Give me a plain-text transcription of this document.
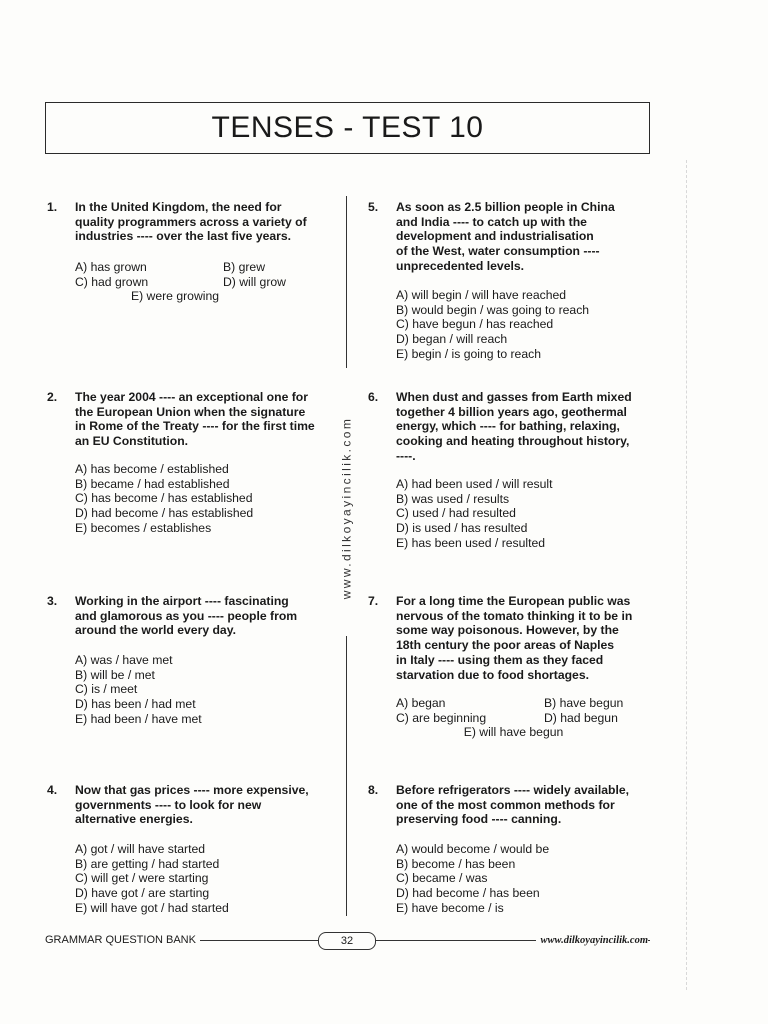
TENSES - TEST 10
www.dilkoyayincilik.com
1. In the United Kingdom, the need for
quality programmers across a variety of
industries ---- over the last five years.
A) has grown	B) grew
C) had grown	D) will grow
E) were growing
2. The year 2004 ---- an exceptional one for
the European Union when the signature
in Rome of the Treaty ---- for the first time
an EU Constitution.
A) has become / established
B) became / had established
C) has become / has established
D) had become / has established
E) becomes / establishes
3. Working in the airport ---- fascinating
and glamorous as you ---- people from
around the world every day.
A) was / have met
B) will be / met
C) is / meet
D) has been / had met
E) had been / have met
4. Now that gas prices ---- more expensive,
governments ---- to look for new
alternative energies.
A) got / will have started
B) are getting / had started
C) will get / were starting
D) have got / are starting
E) will have got / had started
5. As soon as 2.5 billion people in China
and India ---- to catch up with the
development and industrialisation
of the West, water consumption ----
unprecedented levels.
A) will begin / will have reached
B) would begin / was going to reach
C) have begun / has reached
D) began / will reach
E) begin / is going to reach
6. When dust and gasses from Earth mixed
together 4 billion years ago, geothermal
energy, which ---- for bathing, relaxing,
cooking and heating throughout history,
----.
A) had been used / will result
B) was used / results
C) used / had resulted
D) is used / has resulted
E) has been used / resulted
7. For a long time the European public was
nervous of the tomato thinking it to be in
some way poisonous. However, by the
18th century the poor areas of Naples
in Italy ---- using them as they faced
starvation due to food shortages.
A) began	B) have begun
C) are beginning	D) had begun
E) will have begun
8. Before refrigerators ---- widely available,
one of the most common methods for
preserving food ---- canning.
A) would become / would be
B) become / has been
C) became / was
D) had become / has been
E) have become / is
GRAMMAR QUESTION BANK	32	www.dilkoyayincilik.com
